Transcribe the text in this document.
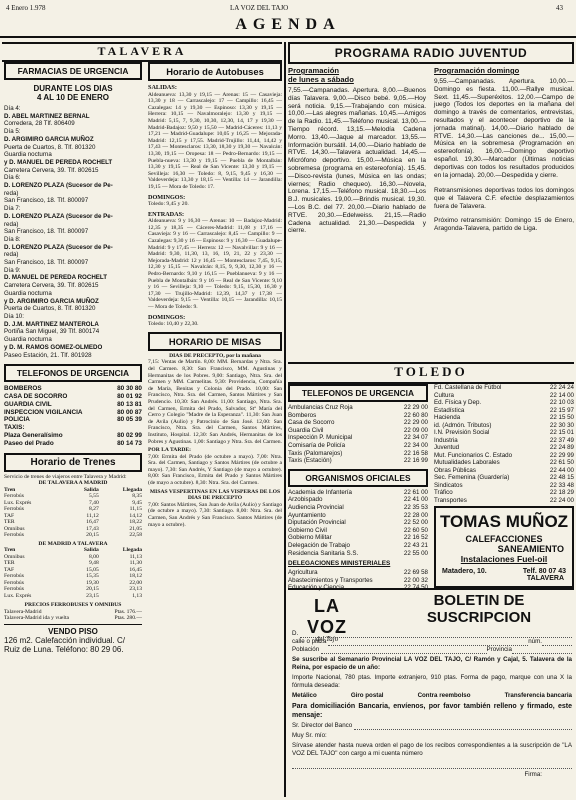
4 Enero 1.978	LA VOZ DEL TAJO	43
AGENDA
TALAVERA
FARMACIAS DE URGENCIA
DURANTE LOS DIAS
4 AL 10 DE ENERO
Día 4:
D. ABEL MARTINEZ BERNAL
Corredera, 28 Tlf. 806409
Día 5:
D. ARGIMIRO GARCIA MUÑOZ
Puerta de Cuartos, 8. Tlf. 801320
Guardia nocturna
y D. MANUEL DE PEREDA ROCHELT
Carretera Cervera, 39. Tlf. 802615
Día 6:
D. LORENZO PLAZA (Sucesor de Pe-
reda)
San Francisco, 18. Tlf. 800097
Día 7:
D. LORENZO PLAZA (Sucesor de Pe-
reda)
San Francisco, 18. Tlf. 800097
Día 8:
D. LORENZO PLAZA (Sucesor de Pe-
reda)
San Francisco, 18. Tlf. 800097
Día 9:
D. MANUEL DE PEREDA ROCHELT
Carretera Cervera, 39. Tlf. 802615
Guardia nocturna
y D. ARGIMIRO GARCIA MUÑOZ
Puerta de Cuartos, 8. Tlf. 801320
Día 10:
D. J.M. MARTINEZ MANTEROLA
Portiña San Miguel, 39 Tlf. 800174
Guardia nocturna
y D. M. RAMOS GOMEZ-OLMEDO
Paseo Estación, 21. Tlf. 801928
TELEFONOS DE URGENCIA
BOMBEROS	80 30 80
CASA DE SOCORRO	80 01 92
GUARDIA CIVIL	80 13 81
INSPECCION VIGILANCIA	80 00 87
POLICIA	80 05 39
TAXIS:	
Plaza Generalísimo	80 02 99
Paseo del Prado	80 14 73
Horario de Trenes
Servicio de trenes de viajeros entre Talavera y Madrid:
DE TALAVERA A MADRID
Tren	Salida	Llegada
Ferrobús	5,55	8,35
Lux. Exprés	7,40	9,45
Ferrobús	8,27	11,15
TAF	11,12	14,12
TER	16,47	18,22
Omnibus	17,43	21,05
Ferrobús	20,15	22,58
DE MADRID A TALAVERA
Tren	Salida	Llegada
Omnibus	8,00	11,13
TER	9,48	11,30
TAF	15,05	16,45
Ferrobús	15,35	18,12
Ferrobús	19,30	22,00
Ferrobús	20,15	23,13
Lux. Exprés	23,15	1,13
PRECIOS FERROBUSES Y OMNIBUS
Talavera-Madrid	Ptas. 176.—
Talavera-Madrid ida y vuelta	Ptas. 280.—
VENDO PISO
126 m2. Calefacción individual. C/ Ruiz de Luna. Teléfono: 80 29 06.
Horario de Autobuses
SALIDAS:
Aldeanueva: 13,30 y 19,15 — Arenas: 15 — Casavieja: 13,30 y 18 — Carrascalejo: 17 — Campillo: 16,45 — Cazalegas: 14 y 19,30 — Espinoso: 13,30 y 19,15 — Herrera: 10,15 — Navalmoralejo: 13,30 y 19,15 — Madrid: 5,15, 7, 9,30, 10,30, 12,30, 14, 17 y 19,30 — Madrid-Badajoz: 9,50 y 15,50 — Madrid-Cáceres: 11,13 y 17,21 — Madrid-Guadalupe: 10,05 y 16,25 — Mejorada-Madrid: 12,15 y 17,55. Madrid-Trujillo: 11,44, 14,42 y 17,43 — Montesclaros: 13,30, 18,30 y 19,30 — Navalcán: 13,30, 19,15 — Oropesa: 18 — Pedro-Bernardo: 19,15 — Puebla-nueva: 13,30 y 19,15 — Puebla de Montalbán: 13,30 y 19,15 — Real de San Vicente: 13,30 y 19,15 — Sevilleja: 16,30 — Toledo: 8, 9,15, 9,45 y 16,30 — Valdeverdeja: 13,30 y 18,15 — Ventilla: 14 — Jarandilla: 19,15 — Mora de Toledo: 17.
DOMINGOS:
Toledo: 9,45 y 20.
ENTRADAS:
Aldeanueva: 9 y 16,30 — Arenas: 10 — Badajoz-Madrid: 12,35 y 18,35 — Cáceres-Madrid: 11,08 y 17,16 — Casavieja: 9 y 16 — Carrascalejo: 8,45 — Campillo: 9 — Cazalegas: 9,30 y 16 — Espinoso: 9 y 16,30 — Guadalupe-Madrid: 9 y 17,45 — Herrera: 12 — Navalvillar: 9 y 16 — Madrid: 9,30, 11,30, 13, 16, 19, 21, 22 y 23,30 — Mejorada-Madrid: 12 y 16,45 — Montesclaros: 7,45, 9,15, 12,30 y 15,15 — Navalcán: 8,15, 9, 9,30, 12,30 y 16 — Pedro-Bernardo: 9,10 y 16,15 — Pueblanueva: 9 y 16 — Puebla de Montalbán: 9 y 16 — Real de San Vicente: 9,10 y 16 — Sevilleja: 9,10 — Toledo: 9,15, 15,30, 16,30 y 17,30 — Trujillo-Madrid: 12,39, 14,37 y 17,38 — Valdeverdeja: 9,15 — Ventilla: 10,15 — Jarandilla: 10,15 — Mora de Toledo: 9.
DOMINGOS:
Toledo: 10,40 y 22,30.
HORARIO DE MISAS
DIAS DE PRECEPTO, por la mañana
7,15: Ventas de Martín. 8,00: MM. Bernardas y Ntra. Sra. del Carmen. 8,30: San Francisco, MM. Agustinas y Hermanitas de los Pobres. 9,00: Santiago, Ntra. Sra. del Carmen y MM. Carmelitas. 9,30: Providencia, Compañía de María, Benitas y Colonia del Prado. 10,00: San Francisco, Ntra. Sra. del Carmen, Santos Mártires y San Prudencio. 10,30: San Andrés. 11,00: Santiago, Ntra. Sra. del Carmen, Ermita del Prado, Salvador, Stª María del Cerro y Colegio "Madre de la Esperanza". 11,30: San Juan de Avila (Aulio) y Patrocinio de San José. 12,00: San Francisco, Ntra. Sra. del Carmen, Santos Mártires, Instituto, Hospital. 12,30: San Andrés, Hermanitas de los Pobres y Agustinas. 1,00: Santiago y Ntra. Sra. del Carmen.
POR LA TARDE:
7,00: Ermita del Prado (de octubre a mayo). 7,00: Ntra. Sra. del Carmen, Santiago y Santos Mártires (de octubre a mayo). 7,30: San Andrés, Y Santiago (de mayo a octubre). 8,00: San Francisco, Ermita del Prado y Santos Mártires (de mayo a octubre). 8,30: Ntra. Sra. del Carmen.
MISAS VESPERTINAS EN LAS VISPERAS DE LOS DIAS DE PRECEPTO
7,00: Santos Mártires, San Juan de Avila (Aulio) y Santiago (de octubre a mayo). 7,30: Santiago. 8,00: Ntra. Sra. del Carmen, San Andrés y San Francisco. Santos Mártires (de mayo a octubre).
PROGRAMA RADIO JUVENTUD
Programación
de lunes a sábado
7,55.—Campanadas. Apertura. 8,00.—Buenos días Talavera. 9,00.—Disco bebé. 9,05.—Hoy será noticia. 9,15.—Trabajando con música. 10,00.—Las alegres mañanas. 10,45.—Amigos de la Radio. 11,45.—Teléfono musical. 13,00.—Tiempo récord. 13,15.—Melodía Cadena Morro. 13,40.—Jaque al marcador. 13,55.—Información bursátil. 14,00.—Diario hablado de RTVE. 14,30.—Talavera actualidad. 14,45.—Micrófono deportivo. 15,00.—Música en la sobremesa (programa en estereofonía). 15,45.—Disco-revista (lunes, Música en las ondas; viernes; Radio chequeo). 16,30.—Novela, Lorena. 17,15.—Teléfono musical. 18,30.—Los B.J. musicales. 19,00.—Brindis musical. 19,30.—Los B.C. del 77. 20,00.—Diario hablado de RTVE. 20,30.—Edelweiss. 21,15.—Radio Cadena actualidad. 21,30.—Despedida y cierre.
Programación domingo
9,55.—Campanadas. Apertura. 10,00.—Domingo es fiesta. 11,00.—Rallye musical. Sext. 11,45.—Superéxitos. 12,00.—Campo de juego (Todos los deportes en la mañana del domingo a través de comentarios, entrevistas, resultados y el acontecer deportivo de la jornada matinal). 14,00.—Diario hablado de RTVE. 14,30.—Las canciones de... 15,00.—Música en la sobremesa (Programación en estereofonía). 16,00.—Domingo deportivo español. 19,30.—Marcador (Últimas noticias deportivas con todos los resultados producidos en la jornada). 20,00.—Despedida y cierre.
Retransmisiones deportivas todos los domingos que el Talavera C.F. efectúe desplazamientos fuera de Talavera.
Próximo retransmisión: Domingo 15 de Enero, Aragonda-Talavera, partido de Liga.
TOLEDO
TELEFONOS DE URGENCIA
Ambulancias Cruz Roja	22 29 00
Bomberos	22 60 80
Casa de Socorro	22 29 00
Guardia Civil	22 09 00
Inspección P. Municipal	22 34 07
Comisaría de Policía	22 34 00
Taxis (Palomarejos)	22 16 58
Taxis (Estación)	22 16 99
ORGANISMOS OFICIALES
Academia de Infantería	22 61 00
Arzobispado	22 41 00
Audiencia Provincial	22 35 53
Ayuntamiento	22 28 00
Diputación Provincial	22 52 00
Gobierno Civil	22 60 50
Gobierno Militar	22 16 52
Delegación de Trabajo	22 43 21
Residencia Sanitaria S.S.	22 55 00
DELEGACIONES MINISTERIALES
Agricultura	22 69 58
Abastecimientos y Transportes	22 00 32
Educación y Ciencia	22 74 50
Fd. Castellana de Fútbol	22 24 24
Cultura	22 14 00
Ed. Física y Dep.	22 10 03
Estadística	22 15 97
Hacienda	22 15 50
id. (Admón. Tributos)	22 30 30
I.N. Previsión Social	22 15 01
Industria	22 37 49
Juventud	22 24 89
Mut. Funcionarios C. Estado	22 29 99
Mutualidades Laborales	22 61 50
Obras Públicas	22 44 00
Sec. Femenina (Guardería)	22 48 15
Sindicatos	22 33 48
Tráfico	22 18 29
Transportes	22 24 00
TOMAS MUÑOZ
CALEFACCIONES
SANEAMIENTO
Instalaciones Fuel-oil
Matadero, 10.	Telf. 80 07 43
TALAVERA
LA VOZ
del Tajo
BOLETIN DE
SUSCRIPCION
D.
calle o plaza	núm.
Población	Provincia
Se suscribe al Semanario Provincial LA VOZ DEL TAJO, C/ Ramón y Cajal, 5. Talavera de la Reina, por espacio de un año:
Importe Nacional, 780 ptas. Importe extranjero, 910 ptas. Forma de pago, marque con una X la fórmula deseada:
Metálico	Giro postal	Contra reembolso	Transferencia bancaria
Para domiciliación Bancaria, envíenos, por favor también relleno y firmado, este mensaje:
Sr. Director del Banco
Muy Sr. mío:
Sírvase atender hasta nueva orden el pago de los recibos correspondientes a la suscripción de "LA VOZ DEL TAJO" con cargo a mi cuenta número

Firma:
